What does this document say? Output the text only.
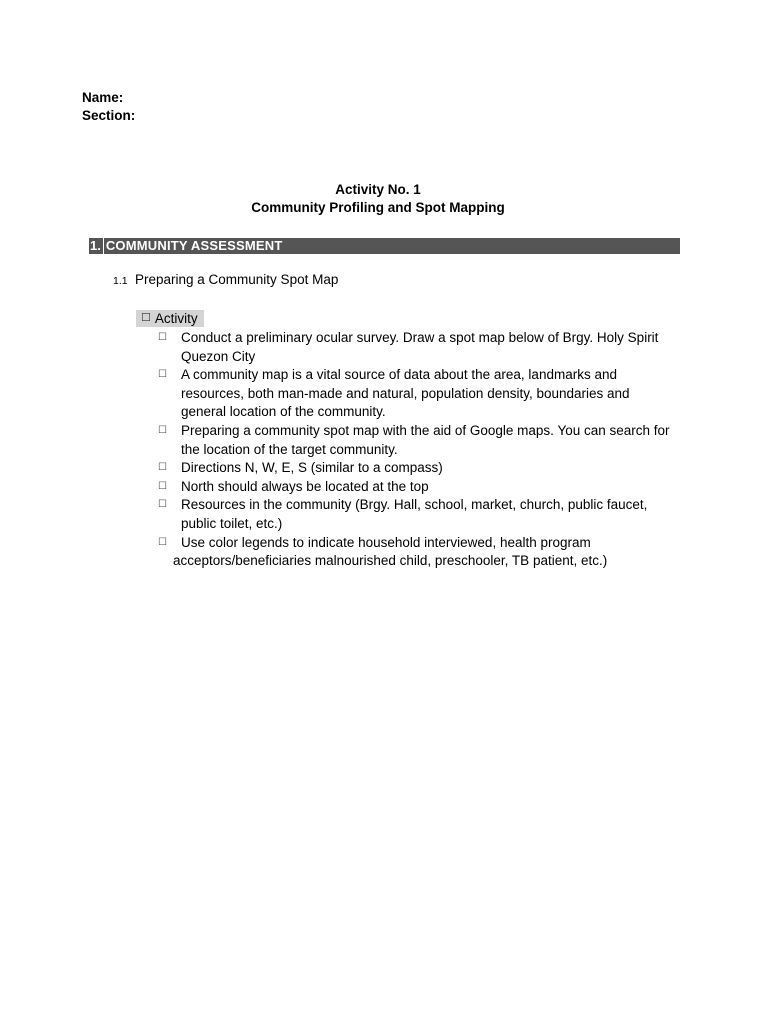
Name:
Section:
Activity No. 1
Community Profiling and Spot Mapping
1. COMMUNITY ASSESSMENT
1.1 Preparing a Community Spot Map
☐ Activity
☐	Conduct a preliminary ocular survey. Draw a spot map below of Brgy. Holy Spirit Quezon City
☐	A community map is a vital source of data about the area, landmarks and resources, both man-made and natural, population density, boundaries and general location of the community.
☐	Preparing a community spot map with the aid of Google maps. You can search for the location of the target community.
☐	Directions N, W, E, S (similar to a compass)
☐	North should always be located at the top
☐	Resources in the community (Brgy. Hall, school, market, church, public faucet, public toilet, etc.)
☐	Use color legends to indicate household interviewed, health program acceptors/beneficiaries malnourished child, preschooler, TB patient, etc.)
